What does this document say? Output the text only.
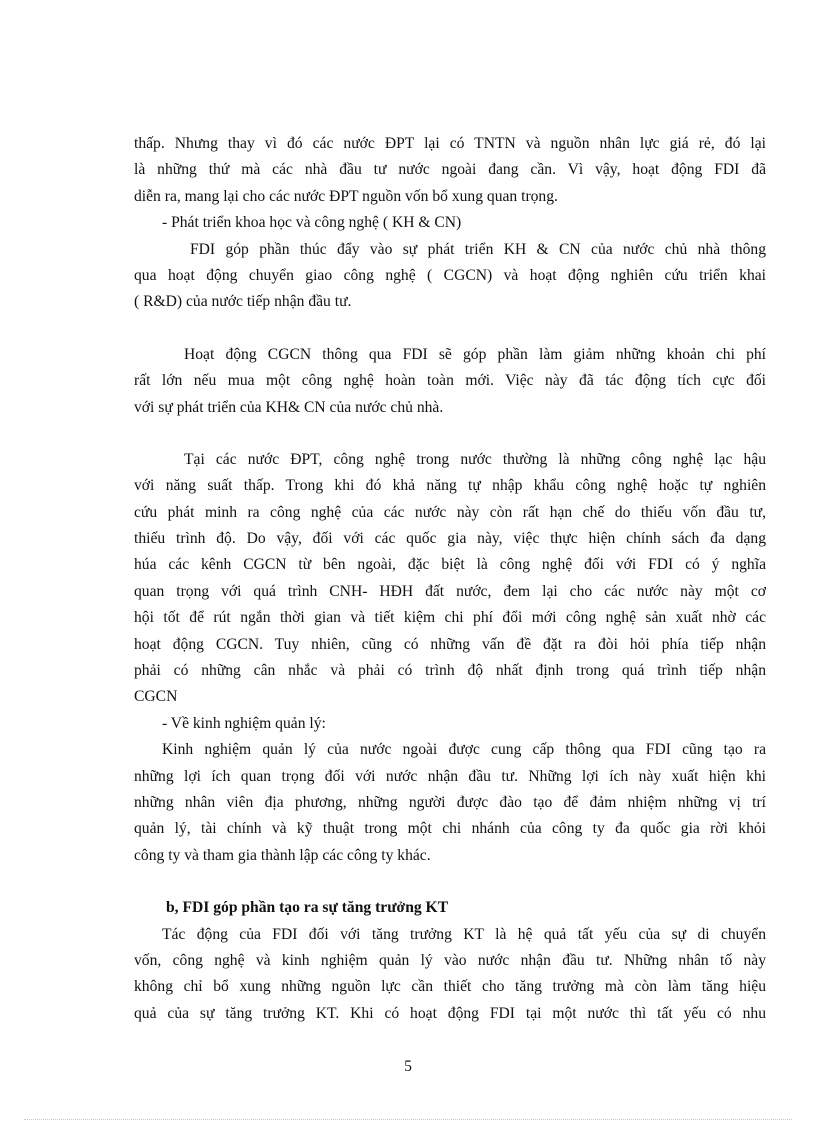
thấp. Nhưng thay vì đó các nước ĐPT lại có TNTN và nguồn nhân lực giá rẻ, đó lại
là những thứ mà các nhà đầu tư nước ngoài đang cần. Vì vậy, hoạt động FDI đã
diễn ra, mang lại cho các nước ĐPT nguồn vốn bổ xung quan trọng.
- Phát triển khoa học và công nghệ ( KH & CN)
FDI góp phần thúc đẩy vào sự phát triển KH & CN của nước chủ nhà thông
qua hoạt động chuyển giao công nghệ ( CGCN) và hoạt động nghiên cứu triển khai
( R&D) của nước tiếp nhận đầu tư.
Hoạt động CGCN thông qua FDI sẽ góp phần làm giảm những khoản chi phí
rất lớn nếu mua một công nghệ hoàn toàn mới. Việc này đã tác động tích cực đối
với sự phát triển của KH& CN của nước chủ nhà.
Tại các nước ĐPT, công nghệ trong nước thường là những công nghệ lạc hậu
với năng suất thấp. Trong khi đó khả năng tự nhập khẩu công nghệ hoặc tự nghiên
cứu phát minh ra công nghệ của các nước này còn rất hạn chế do thiếu vốn đầu tư,
thiếu trình độ. Do vậy, đối với các quốc gia này, việc thực hiện chính sách đa dạng
húa các kênh CGCN từ bên ngoài, đặc biệt là công nghệ đối với FDI có ý nghĩa
quan trọng với quá trình CNH- HĐH đất nước, đem lại cho các nước này một cơ
hội tốt để rút ngắn thời gian và tiết kiệm chi phí đổi mới công nghệ sản xuất nhờ các
hoạt động CGCN. Tuy nhiên, cũng có những vấn đề đặt ra đòi hỏi phía tiếp nhận
phải có những cân nhắc và phải có trình độ nhất định trong quá trình tiếp nhận
CGCN
- Về kinh nghiệm quản lý:
Kinh nghiệm quản lý của nước ngoài được cung cấp thông qua FDI cũng tạo ra
những lợi ích quan trọng đối với nước nhận đầu tư. Những lợi ích này xuất hiện khi
những nhân viên địa phương, những người được đào tạo để đảm nhiệm những vị trí
quản lý, tài chính và kỹ thuật trong một chi nhánh của công ty đa quốc gia rời khỏi
công ty và tham gia thành lập các công ty khác.
b, FDI góp phần tạo ra sự tăng trưởng KT
Tác động của FDI đối với tăng trưởng KT là hệ quả tất yếu của sự di chuyển
vốn, công nghệ và kinh nghiệm quản lý vào nước nhận đầu tư. Những nhân tố này
không chỉ bổ xung những nguồn lực cần thiết cho tăng trưởng mà còn làm tăng hiệu
quả của sự tăng trưởng KT. Khi có hoạt động FDI tại một nước thì tất yếu có nhu
5
